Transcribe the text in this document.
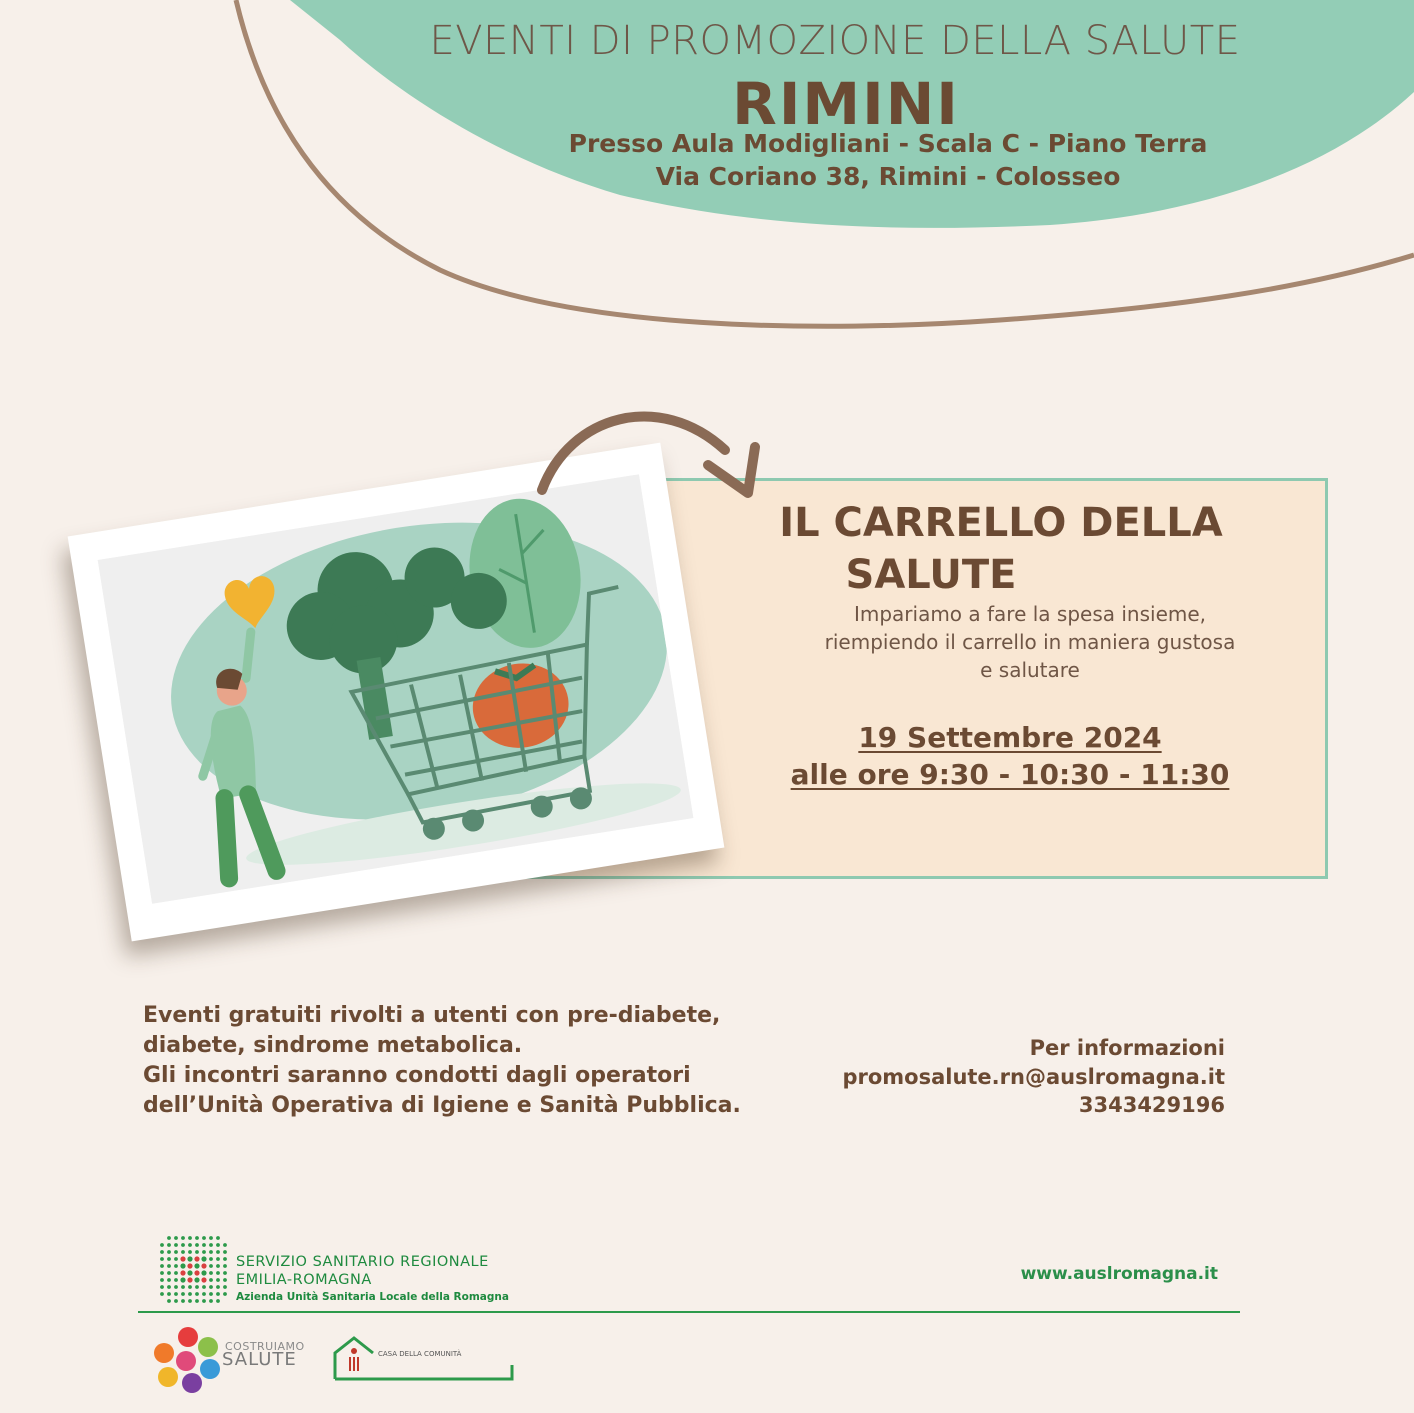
EVENTI DI PROMOZIONE DELLA SALUTE
RIMINI
Presso Aula Modigliani - Scala C - Piano Terra
Via Coriano 38, Rimini - Colosseo
IL CARRELLO DELLA
SALUTE
Impariamo a fare la spesa insieme,
riempiendo il carrello in maniera gustosa
e salutare
19 Settembre 2024
alle ore 9:30 - 10:30 - 11:30
Eventi gratuiti rivolti a utenti con pre-diabete,
diabete, sindrome metabolica.
Gli incontri saranno condotti dagli operatori
dell’Unità Operativa di Igiene e Sanità Pubblica.
Per informazioni
promosalute.rn@auslromagna.it
3343429196
SERVIZIO SANITARIO REGIONALE
EMILIA-ROMAGNA
Azienda Unità Sanitaria Locale della Romagna
www.auslromagna.it
COSTRUIAMO
SALUTE	CASA DELLA COMUNITÀ
